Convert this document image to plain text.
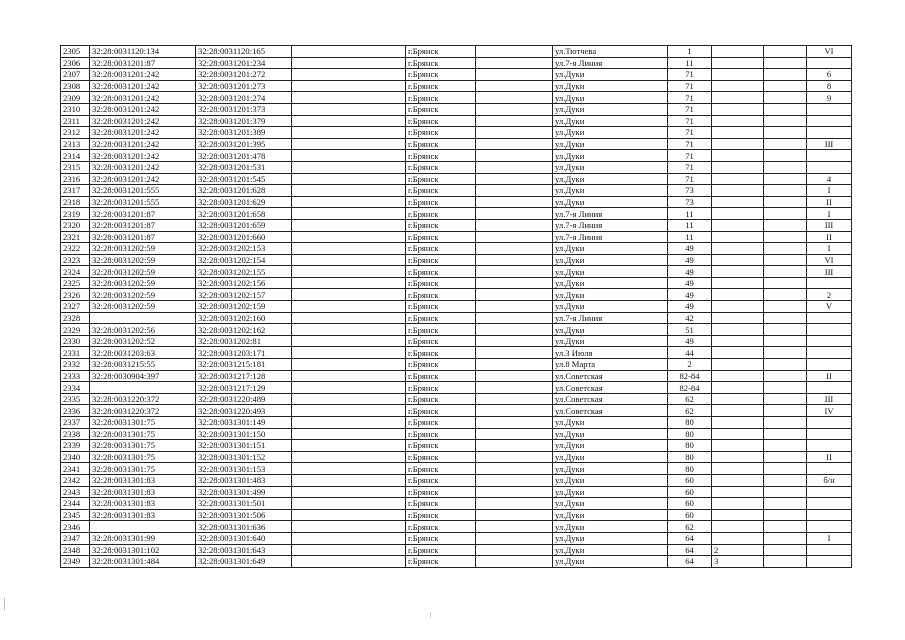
2305	32:28:0031120:134	32:28:0031120:165		г.Брянск		ул.Тютчева	1			VI
2306	32:28:0031201:87	32:28:0031201:234		г.Брянск		ул.7-я Линия	11			
2307	32:28:0031201:242	32:28:0031201:272		г.Брянск		ул.Дуки	71			6
2308	32:28:0031201:242	32:28:0031201:273		г.Брянск		ул.Дуки	71			8
2309	32:28:0031201:242	32:28:0031201:274		г.Брянск		ул.Дуки	71			9
2310	32:28:0031201:242	32:28:0031201:373		г.Брянск		ул.Дуки	71			
2311	32:28:0031201:242	32:28:0031201:379		г.Брянск		ул.Дуки	71			
2312	32:28:0031201:242	32:28:0031201:389		г.Брянск		ул.Дуки	71			
2313	32:28:0031201:242	32:28:0031201:395		г.Брянск		ул.Дуки	71			III
2314	32:28:0031201:242	32:28:0031201:478		г.Брянск		ул.Дуки	71			
2315	32:28:0031201:242	32:28:0031201:531		г.Брянск		ул.Дуки	71			
2316	32:28:0031201:242	32:28:0031201:545		г.Брянск		ул.Дуки	71			4
2317	32:28:0031201:555	32:28:0031201:628		г.Брянск		ул.Дуки	73			I
2318	32:28:0031201:555	32:28:0031201:629		г.Брянск		ул.Дуки	73			II
2319	32:28:0031201:87	32:28:0031201:658		г.Брянск		ул.7-я Линия	11			I
2320	32:28:0031201:87	32:28:0031201:659		г.Брянск		ул.7-я Линия	11			III
2321	32:28:0031201:87	32:28:0031201:660		г.Брянск		ул.7-я Линия	11			II
2322	32:28:0031202:59	32:28:0031202:153		г.Брянск		ул.Дуки	49			I
2323	32:28:0031202:59	32:28:0031202:154		г.Брянск		ул.Дуки	49			VI
2324	32:28:0031202:59	32:28:0031202:155		г.Брянск		ул.Дуки	49			III
2325	32:28:0031202:59	32:28:0031202:156		г.Брянск		ул.Дуки	49			
2326	32:28:0031202:59	32:28:0031202:157		г.Брянск		ул.Дуки	49			2
2327	32:28:0031202:59	32:28:0031202:159		г.Брянск		ул.Дуки	49			V
2328		32:28:0031202:160		г.Брянск		ул.7-я Линия	42			
2329	32:28:0031202:56	32:28:0031202:162		г.Брянск		ул.Дуки	51			
2330	32:28:0031202:52	32:28:0031202:81		г.Брянск		ул.Дуки	49			
2331	32:28:0031203:63	32:28:0031203:171		г.Брянск		ул.3 Июля	44			
2332	32:28:0031215:55	32:28:0031215:181		г.Брянск		ул.8 Марта	2			
2333	32:28:0030904:397	32:28:0031217:128		г.Брянск		ул.Советская	82-84			II
2334		32:28:0031217:129		г.Брянск		ул.Советская	82-84			
2335	32:28:0031220:372	32:28:0031220:489		г.Брянск		ул.Советская	62			III
2336	32:28:0031220:372	32:28:0031220:493		г.Брянск		ул.Советская	62			IV
2337	32:28:0031301:75	32:28:0031301:149		г.Брянск		ул.Дуки	80			
2338	32:28:0031301:75	32:28:0031301:150		г.Брянск		ул.Дуки	80			
2339	32:28:0031301:75	32:28:0031301:151		г.Брянск		ул.Дуки	80			
2340	32:28:0031301:75	32:28:0031301:152		г.Брянск		ул.Дуки	80			II
2341	32:28:0031301:75	32:28:0031301:153		г.Брянск		ул.Дуки	80			
2342	32:28:0031301:83	32:28:0031301:483		г.Брянск		ул.Дуки	60			б/н
2343	32:28:0031301:83	32:28:0031301:499		г.Брянск		ул.Дуки	60			
2344	32:28:0031301:83	32:28:0031301:501		г.Брянск		ул.Дуки	60			
2345	32:28:0031301:83	32:28:0031301:506		г.Брянск		ул.Дуки	60			
2346		32:28:0031301:636		г.Брянск		ул.Дуки	62			
2347	32:28:0031301:99	32:28:0031301:640		г.Брянск		ул.Дуки	64			I
2348	32:28:0031301:102	32:28:0031301:643		г.Брянск		ул.Дуки	64	2		
2349	32:28:0031301:484	32:28:0031301:649		г.Брянск		ул.Дуки	64	3		
